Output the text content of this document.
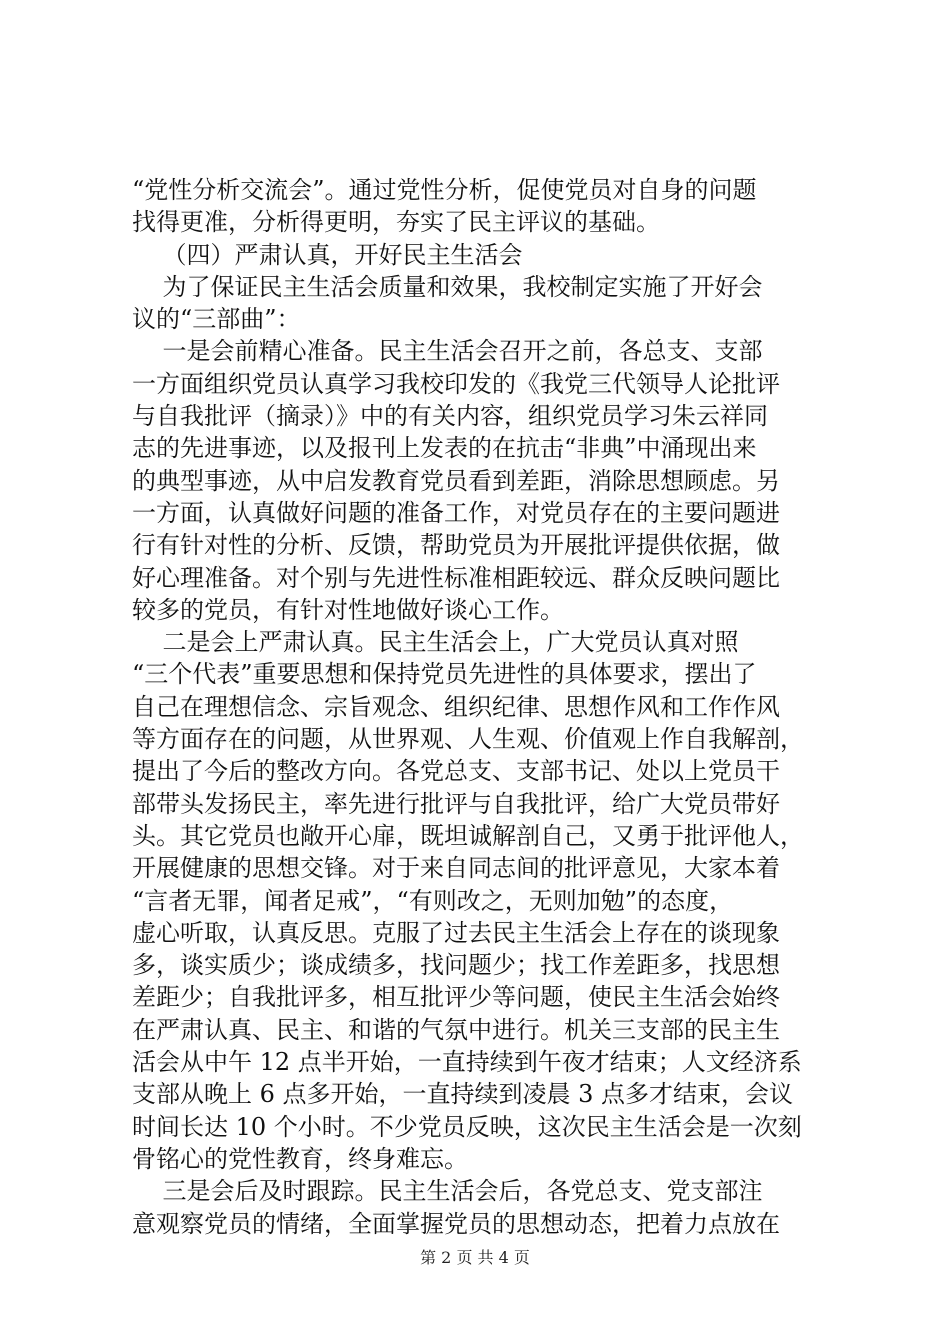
“党性分析交流会”。通过党性分析，促使党员对自身的问题
找得更准，分析得更明，夯实了民主评议的基础。
（四）严肃认真，开好民主生活会
为了保证民主生活会质量和效果，我校制定实施了开好会
议的“三部曲”：
一是会前精心准备。民主生活会召开之前，各总支、支部
一方面组织党员认真学习我校印发的《我党三代领导人论批评
与自我批评（摘录）》中的有关内容，组织党员学习朱云祥同
志的先进事迹，以及报刊上发表的在抗击“非典”中涌现出来
的典型事迹，从中启发教育党员看到差距，消除思想顾虑。另
一方面，认真做好问题的准备工作，对党员存在的主要问题进
行有针对性的分析、反馈，帮助党员为开展批评提供依据，做
好心理准备。对个别与先进性标准相距较远、群众反映问题比
较多的党员，有针对性地做好谈心工作。
二是会上严肃认真。民主生活会上，广大党员认真对照
“三个代表”重要思想和保持党员先进性的具体要求，摆出了
自己在理想信念、宗旨观念、组织纪律、思想作风和工作作风
等方面存在的问题，从世界观、人生观、价值观上作自我解剖，
提出了今后的整改方向。各党总支、支部书记、处以上党员干
部带头发扬民主，率先进行批评与自我批评，给广大党员带好
头。其它党员也敞开心扉，既坦诚解剖自己，又勇于批评他人，
开展健康的思想交锋。对于来自同志间的批评意见，大家本着
“言者无罪，闻者足戒”，“有则改之，无则加勉”的态度，
虚心听取，认真反思。克服了过去民主生活会上存在的谈现象
多，谈实质少；谈成绩多，找问题少；找工作差距多，找思想
差距少；自我批评多，相互批评少等问题，使民主生活会始终
在严肃认真、民主、和谐的气氛中进行。机关三支部的民主生
活会从中午 12 点半开始，一直持续到午夜才结束；人文经济系
支部从晚上 6 点多开始，一直持续到凌晨 3 点多才结束，会议
时间长达 10 个小时。不少党员反映，这次民主生活会是一次刻
骨铭心的党性教育，终身难忘。
三是会后及时跟踪。民主生活会后，各党总支、党支部注
意观察党员的情绪，全面掌握党员的思想动态，把着力点放在
第 2 页 共 4 页
